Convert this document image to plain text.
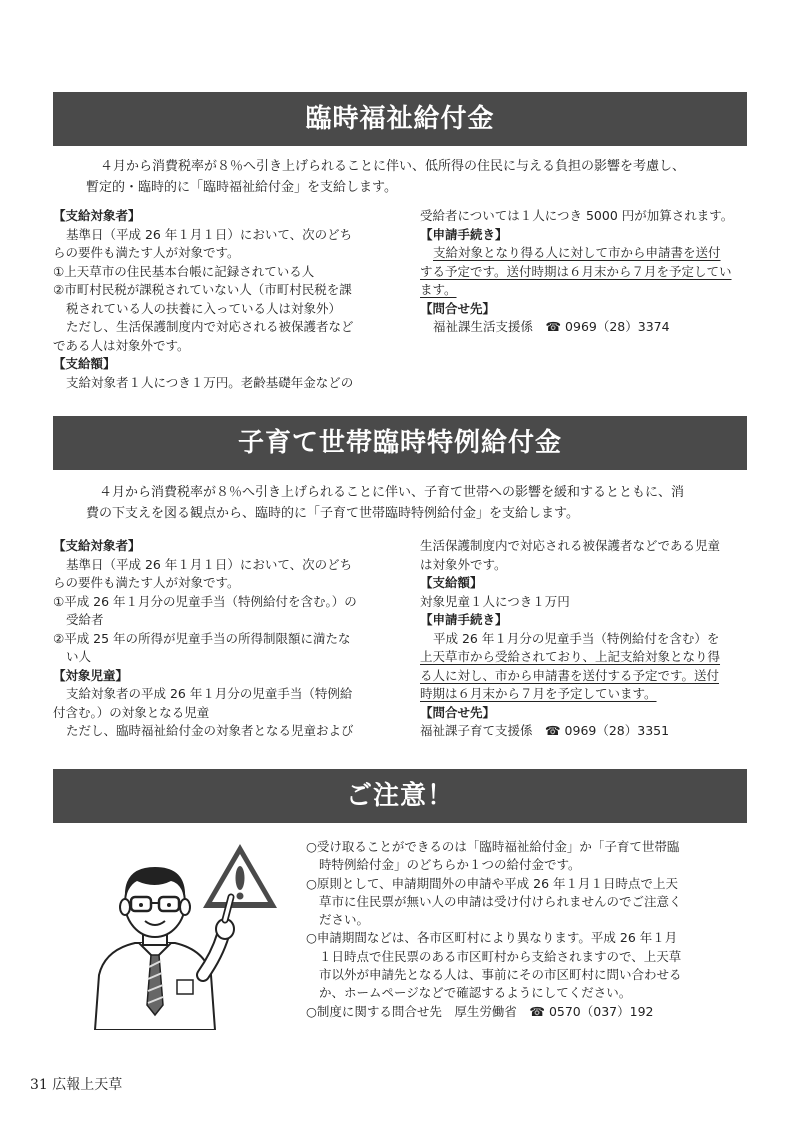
臨時福祉給付金
４月から消費税率が８％へ引き上げられることに伴い、低所得の住民に与える負担の影響を考慮し、
暫定的・臨時的に「臨時福祉給付金」を支給します。
【支給対象者】
基準日（平成 26 年１月１日）において、次のどち
らの要件も満たす人が対象です。
①上天草市の住民基本台帳に記録されている人
②市町村民税が課税されていない人（市町村民税を課
税されている人の扶養に入っている人は対象外）
ただし、生活保護制度内で対応される被保護者など
である人は対象外です。
【支給額】
支給対象者１人につき１万円。老齢基礎年金などの
受給者については１人につき 5000 円が加算されます。
【申請手続き】
支給対象となり得る人に対して市から申請書を送付
する予定です。送付時期は６月末から７月を予定してい
ます。
【問合せ先】
福祉課生活支援係　☎ 0969（28）3374
子育て世帯臨時特例給付金
４月から消費税率が８％へ引き上げられることに伴い、子育て世帯への影響を緩和するとともに、消
費の下支えを図る観点から、臨時的に「子育て世帯臨時特例給付金」を支給します。
【支給対象者】
基準日（平成 26 年１月１日）において、次のどち
らの要件も満たす人が対象です。
①平成 26 年１月分の児童手当（特例給付を含む。）の
受給者
②平成 25 年の所得が児童手当の所得制限額に満たな
い人
【対象児童】
支給対象者の平成 26 年１月分の児童手当（特例給
付含む。）の対象となる児童
ただし、臨時福祉給付金の対象者となる児童および
生活保護制度内で対応される被保護者などである児童
は対象外です。
【支給額】
対象児童１人につき１万円
【申請手続き】
平成 26 年１月分の児童手当（特例給付を含む）を
上天草市から受給されており、上記支給対象となり得
る人に対し、市から申請書を送付する予定です。送付
時期は６月末から７月を予定しています。
【問合せ先】
福祉課子育て支援係　☎ 0969（28）3351
ご注意！
○受け取ることができるのは「臨時福祉給付金」か「子育て世帯臨
時特例給付金」のどちらか１つの給付金です。
○原則として、申請期間外の申請や平成 26 年１月１日時点で上天
草市に住民票が無い人の申請は受け付けられませんのでご注意く
ださい。
○申請期間などは、各市区町村により異なります。平成 26 年１月
１日時点で住民票のある市区町村から支給されますので、上天草
市以外が申請先となる人は、事前にその市区町村に問い合わせる
か、ホームページなどで確認するようにしてください。
○制度に関する問合せ先　厚生労働省　☎ 0570（037）192
31 広報上天草
